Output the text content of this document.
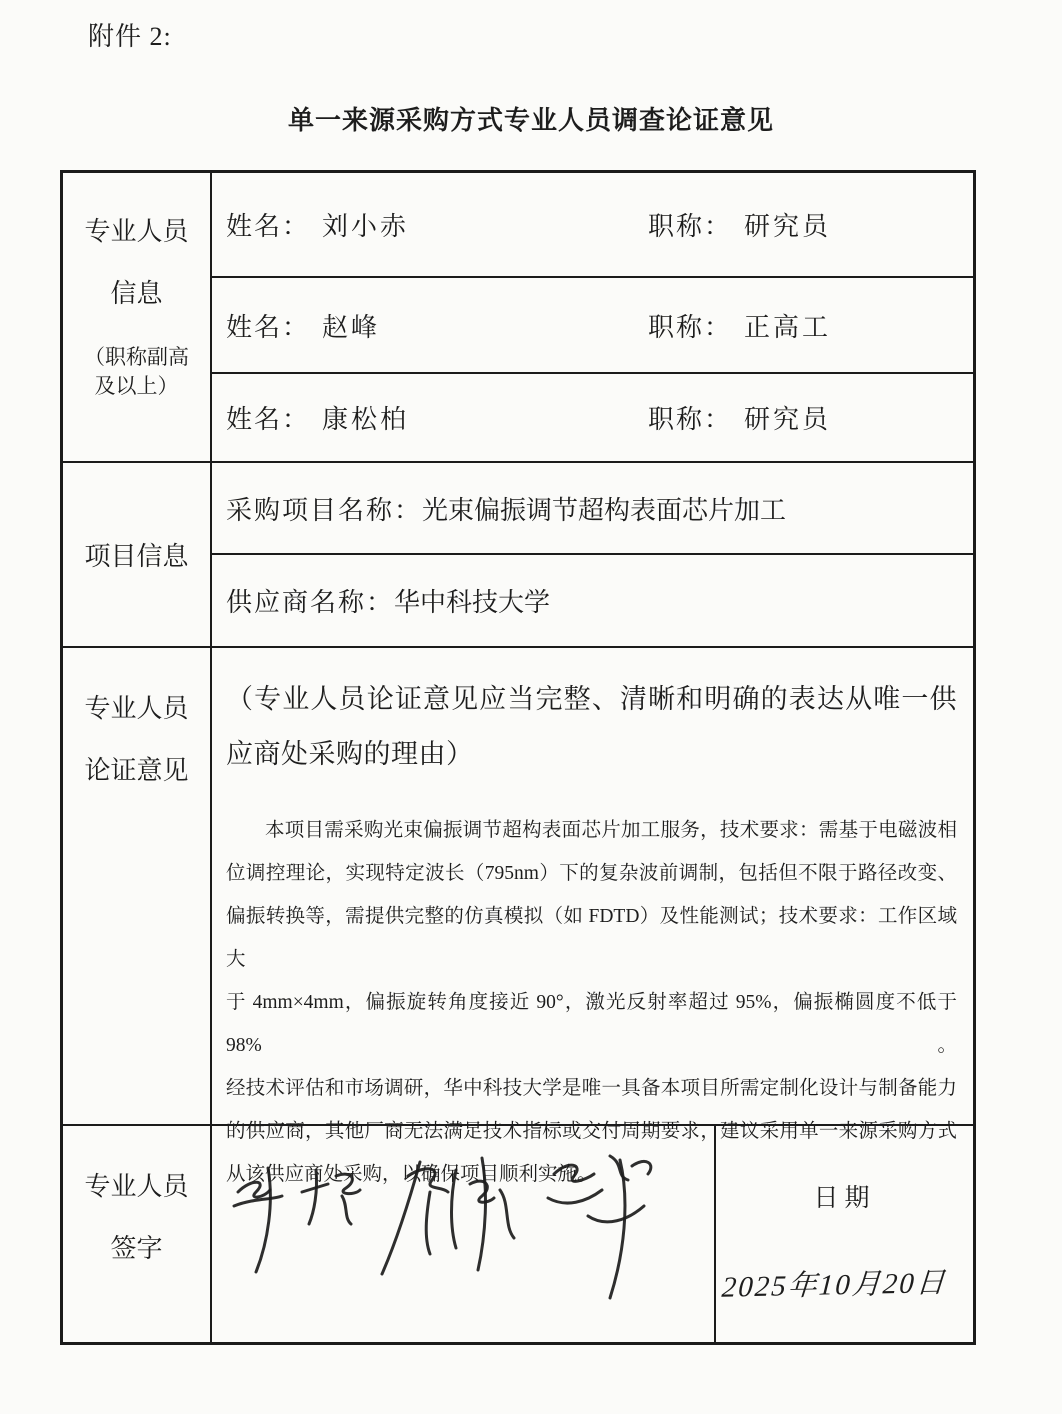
附件 2:
单一来源采购方式专业人员调查论证意见
专业人员
信息
（职称副高
及以上）
姓名： 刘小赤	职称： 研究员
姓名： 赵峰	职称： 正高工
姓名： 康松柏	职称： 研究员
项目信息
采购项目名称： 光束偏振调节超构表面芯片加工
供应商名称： 华中科技大学
专业人员
论证意见
（专业人员论证意见应当完整、清晰和明确的表达从唯一供
应商处采购的理由）
本项目需采购光束偏振调节超构表面芯片加工服务，技术要求：需基于电磁波相
位调控理论，实现特定波长（795nm）下的复杂波前调制，包括但不限于路径改变、
偏振转换等，需提供完整的仿真模拟（如 FDTD）及性能测试；技术要求：工作区域大
于 4mm×4mm，偏振旋转角度接近 90°，激光反射率超过 95%，偏振椭圆度不低于 98%。
经技术评估和市场调研，华中科技大学是唯一具备本项目所需定制化设计与制备能力
的供应商，其他厂商无法满足技术指标或交付周期要求，建议采用单一来源采购方式
从该供应商处采购，以确保项目顺利实施。
专业人员
签字
日期
2025年10月20日
